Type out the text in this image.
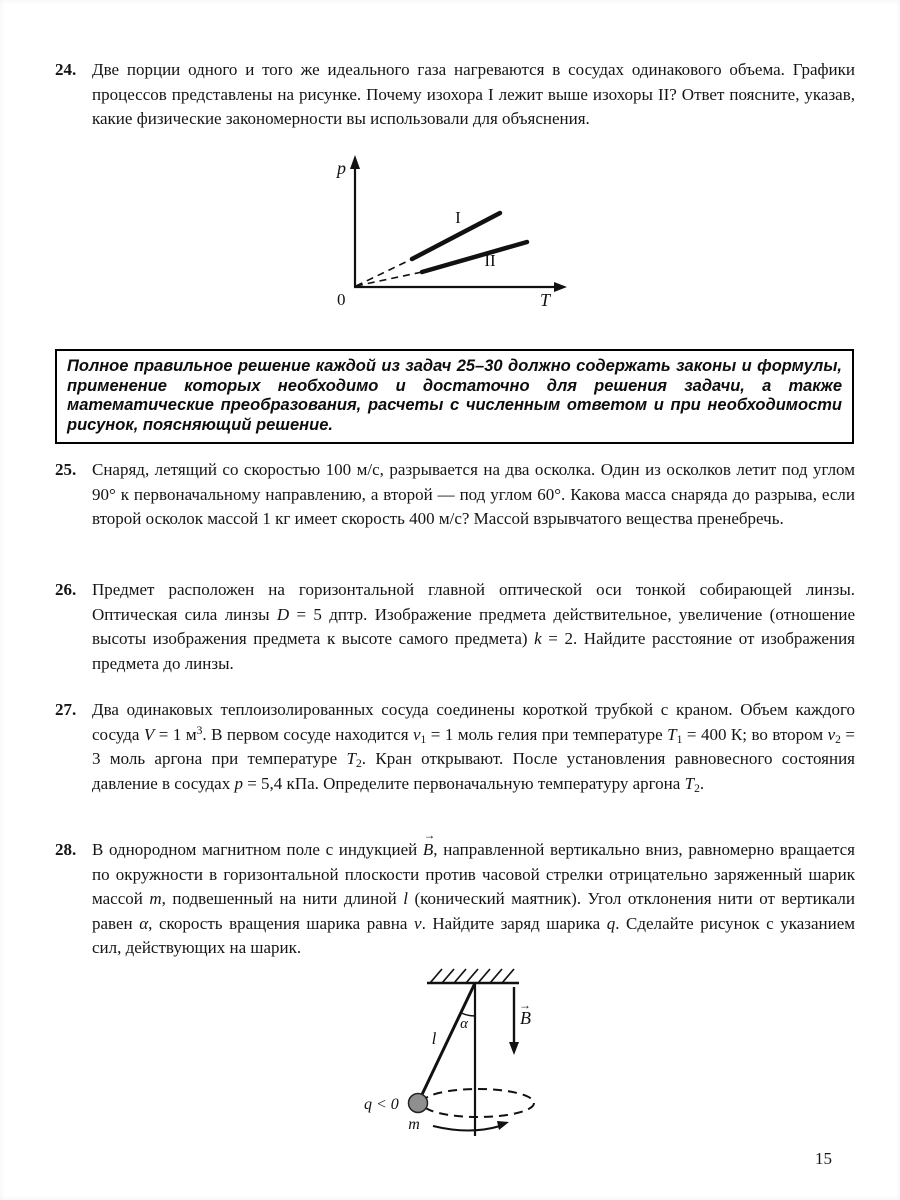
24. Две порции одного и того же идеального газа нагреваются в сосудах одинакового объема. Графики процессов представлены на рисунке. Почему изохора I лежит выше изохоры II? Ответ поясните, указав, какие физические закономерности вы использовали для объяснения.

p
0	T
I
II

Полное правильное решение каждой из задач 25–30 должно содержать законы и формулы, применение которых необходимо и достаточно для решения задачи, а также математические преобразования, расчеты с численным ответом и при необходимости рисунок, поясняющий решение.

25. Снаряд, летящий со скоростью 100 м/с, разрывается на два осколка. Один из осколков летит под углом 90° к первоначальному направлению, а второй — под углом 60°. Какова масса снаряда до разрыва, если второй осколок массой 1 кг имеет скорость 400 м/с? Массой взрывчатого вещества пренебречь.

26. Предмет расположен на горизонтальной главной оптической оси тонкой собирающей линзы. Оптическая сила линзы D = 5 дптр. Изображение предмета действительное, увеличение (отношение высоты изображения предмета к высоте самого предмета) k = 2. Найдите расстояние от изображения предмета до линзы.

27. Два одинаковых теплоизолированных сосуда соединены короткой трубкой с краном. Объем каждого сосуда V = 1 $м^3$. В первом сосуде находится $\nu_1 = 1$ моль гелия при температуре $T_1 = 400$ К; во втором $\nu_2 = 3$ моль аргона при температуре $T_2$. Кран открывают. После установления равновесного состояния давление в сосудах p = 5,4 кПа. Определите первоначальную температуру аргона $T_2$.

28. В однородном магнитном поле с индукцией → B, направленной вертикально вниз, равномерно вращается по окружности в горизонтальной плоскости против часовой стрелки отрицательно заряженный шарик массой m, подвешенный на нити длиной l (конический маятник). Угол отклонения нити от вертикали равен α, скорость вращения шарика равна v. Найдите заряд шарика q. Сделайте рисунок с указанием сил, действующих на шарик.

α
l
B
→
q < 0
m
15
